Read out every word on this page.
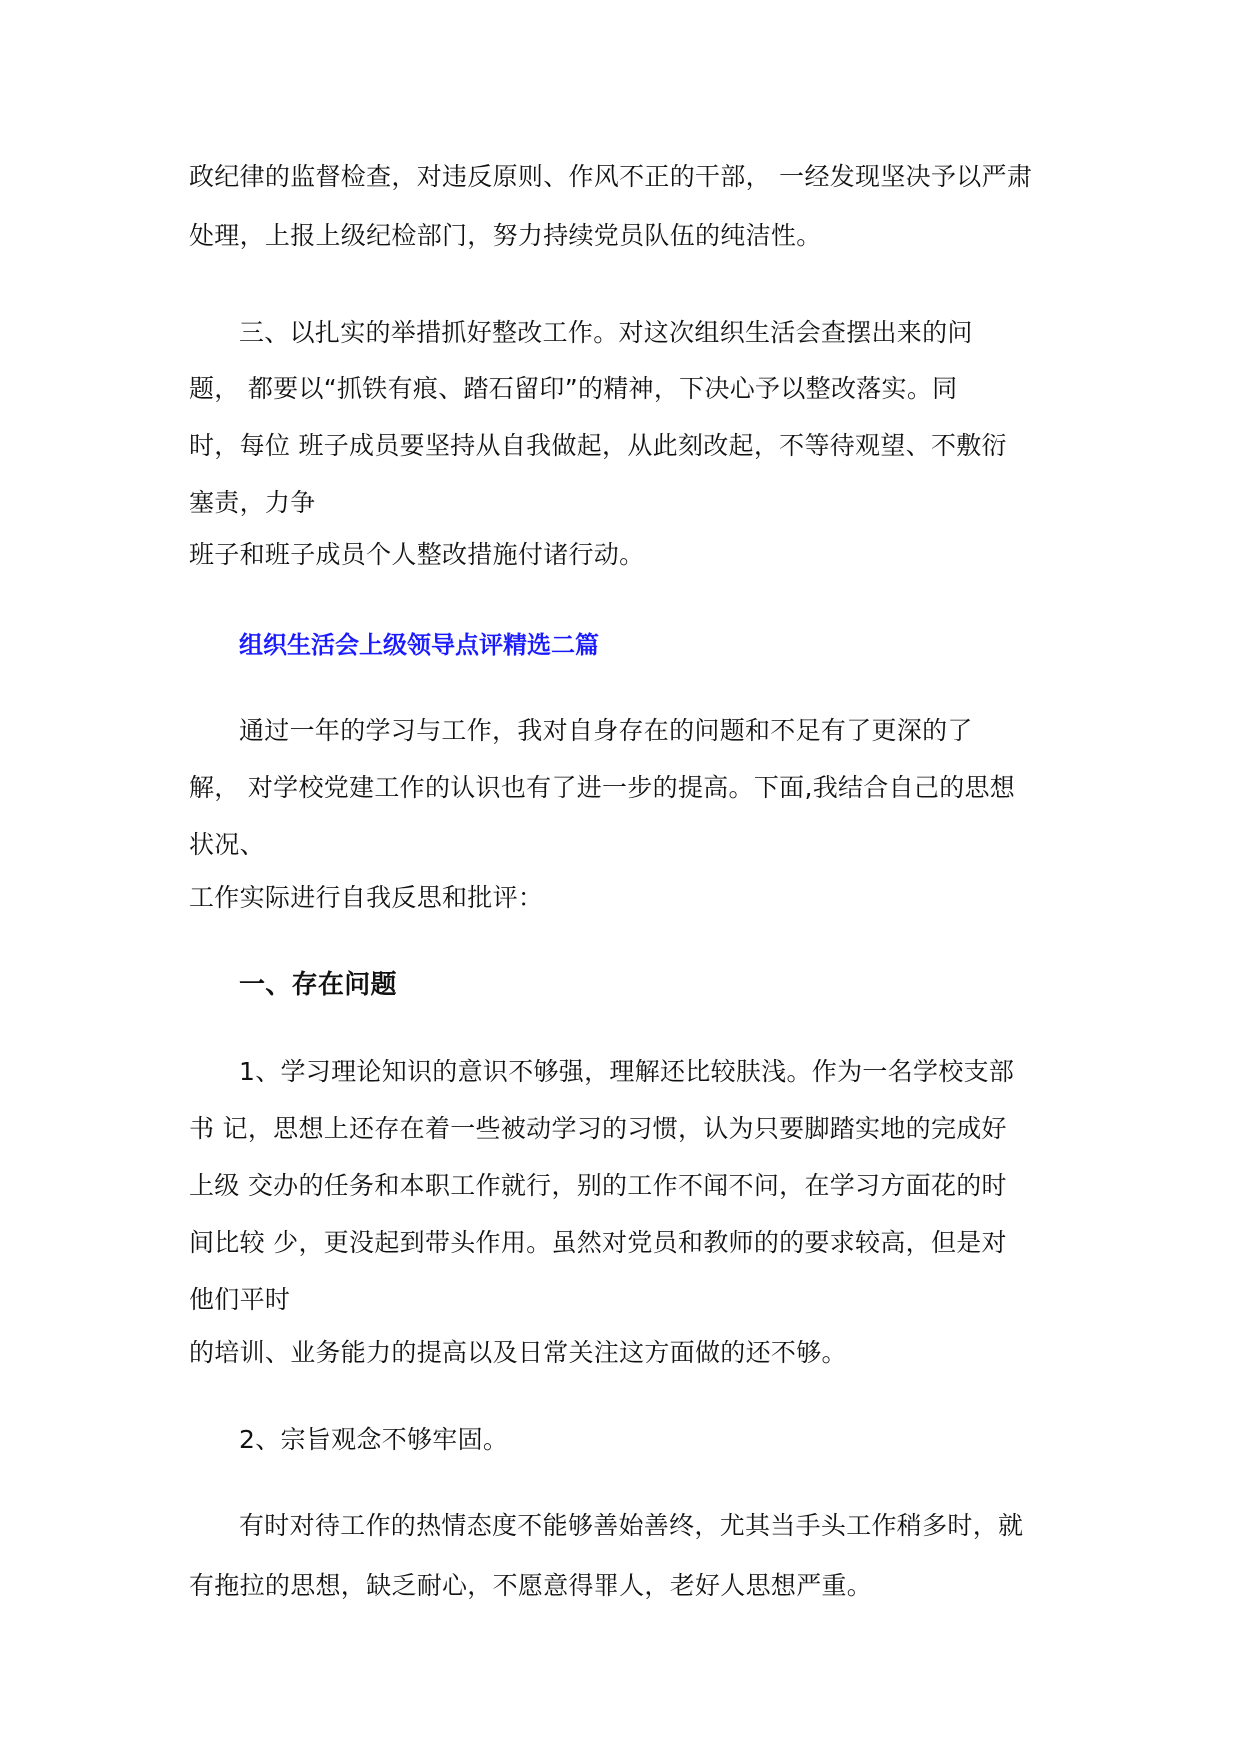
政纪律的监督检查，对违反原则、作风不正的干部， 一经发现坚决予以严肃
处理，上报上级纪检部门，努力持续党员队伍的纯洁性。
三、以扎实的举措抓好整改工作。对这次组织生活会查摆出来的问
题， 都要以“抓铁有痕、踏石留印”的精神，下决心予以整改落实。同
时，每位 班子成员要坚持从自我做起，从此刻改起，不等待观望、不敷衍
塞责，力争
班子和班子成员个人整改措施付诸行动。
组织生活会上级领导点评精选二篇
通过一年的学习与工作，我对自身存在的问题和不足有了更深的了
解， 对学校党建工作的认识也有了进一步的提高。下面,我结合自己的思想
状况、
工作实际进行自我反思和批评：
一、存在问题
1、学习理论知识的意识不够强，理解还比较肤浅。作为一名学校支部
书 记，思想上还存在着一些被动学习的习惯，认为只要脚踏实地的完成好
上级 交办的任务和本职工作就行，别的工作不闻不问，在学习方面花的时
间比较 少，更没起到带头作用。虽然对党员和教师的的要求较高，但是对
他们平时
的培训、业务能力的提高以及日常关注这方面做的还不够。
2、宗旨观念不够牢固。
有时对待工作的热情态度不能够善始善终，尤其当手头工作稍多时，就
有拖拉的思想，缺乏耐心，不愿意得罪人，老好人思想严重。
